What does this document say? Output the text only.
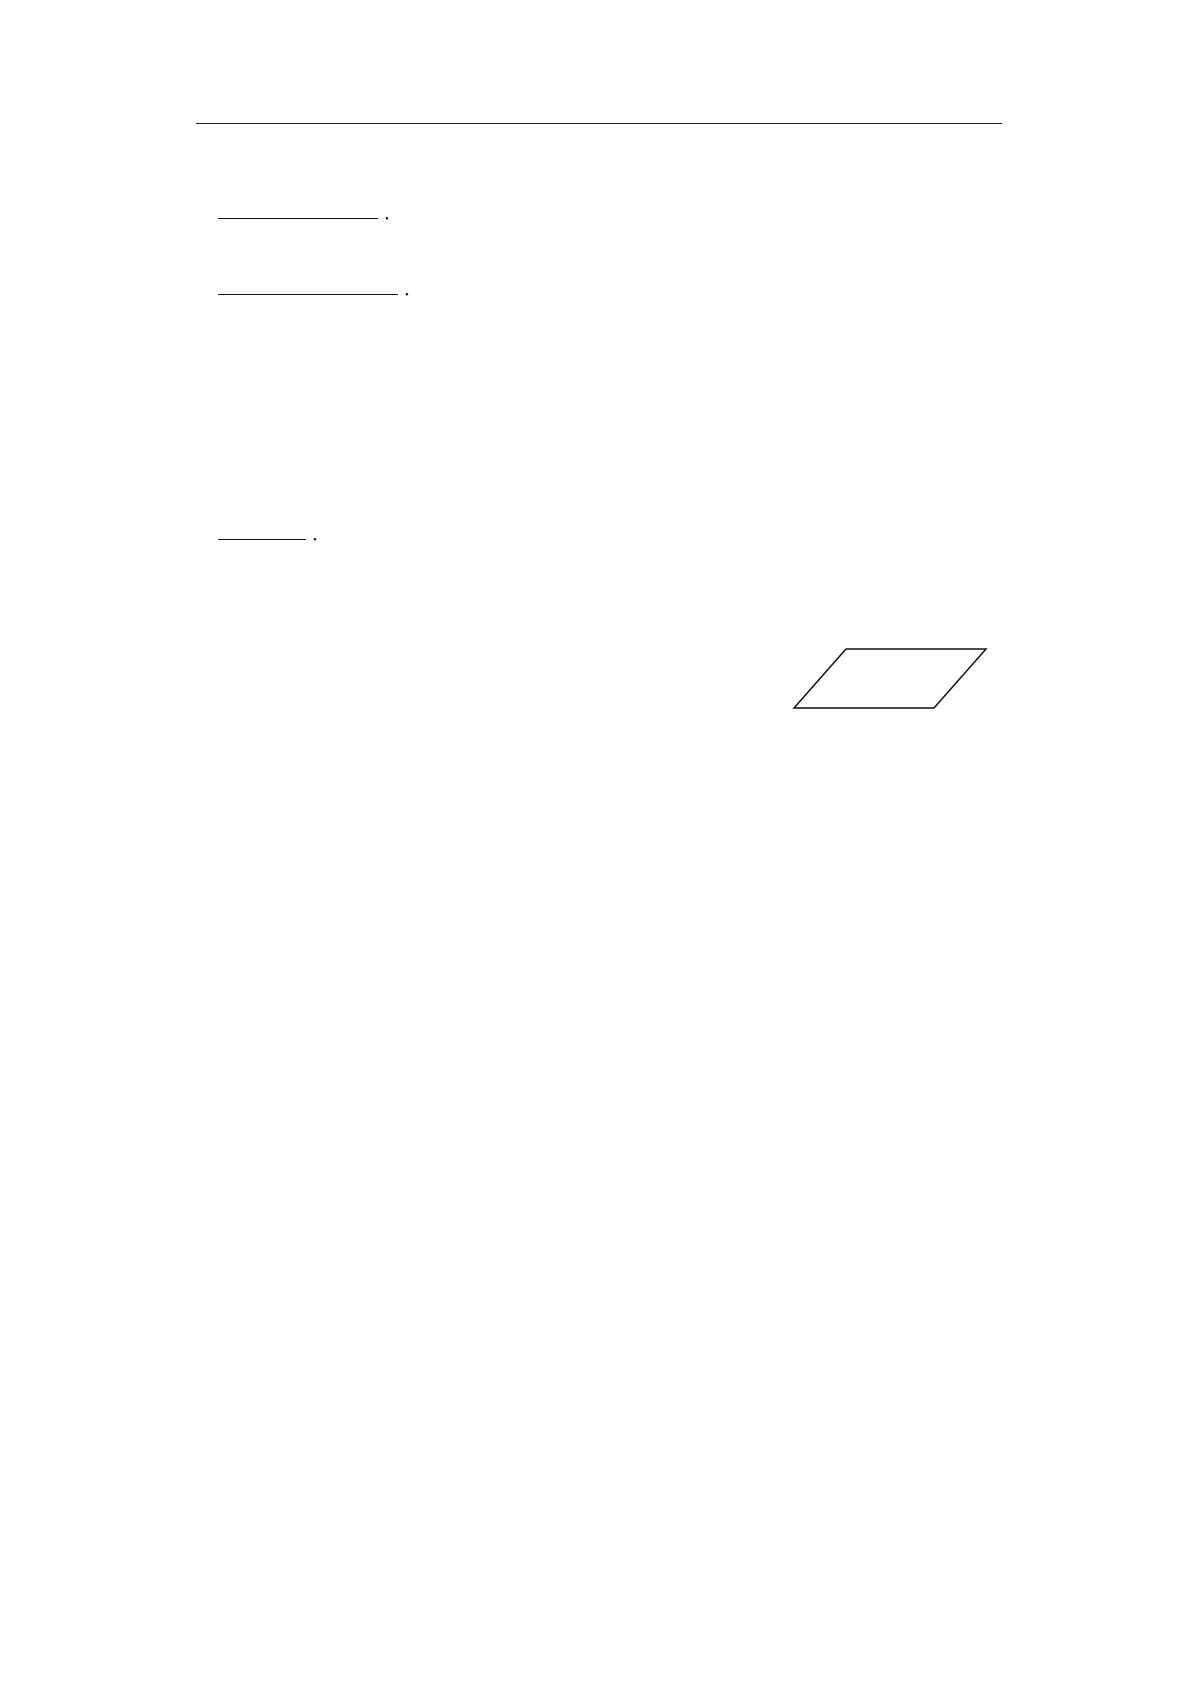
．
．
．
